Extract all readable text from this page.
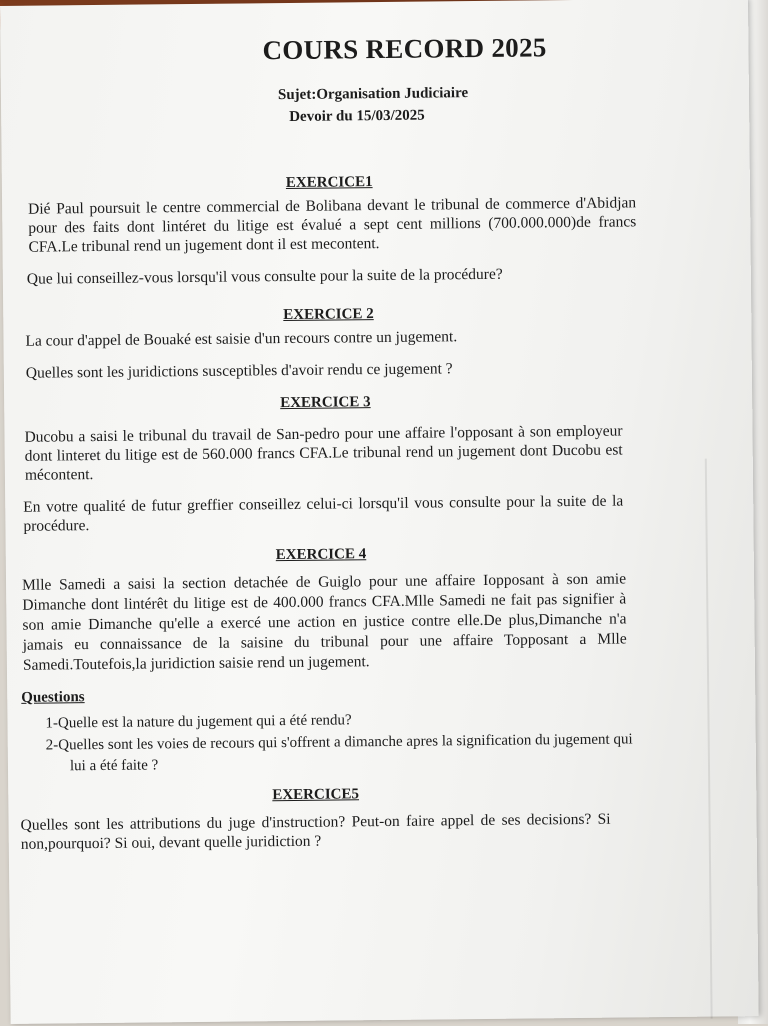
COURS RECORD 2025
Sujet:Organisation Judiciaire
Devoir du 15/03/2025
EXERCICE1

Dié Paul poursuit le centre commercial de Bolibana devant le tribunal de commerce d'Abidjan pour des faits dont lintéret du litige est évalué a sept cent millions (700.000.000)de francs CFA.Le tribunal rend un jugement dont il est mecontent.

Que lui conseillez-vous lorsqu'il vous consulte pour la suite de la procédure?

EXERCICE 2

La cour d'appel de Bouaké est saisie d'un recours contre un jugement.

Quelles sont les juridictions susceptibles d'avoir rendu ce jugement ?

EXERCICE 3

Ducobu a saisi le tribunal du travail de San-pedro pour une affaire l'opposant à son employeur dont linteret du litige est de 560.000 francs CFA.Le tribunal rend un jugement dont Ducobu est mécontent.

En votre qualité de futur greffier conseillez celui-ci lorsqu'il vous consulte pour la suite de la procédure.

EXERCICE 4

Mlle Samedi a saisi la section detachée de Guiglo pour une affaire Iopposant à son amie Dimanche dont lintérêt du litige est de 400.000 francs CFA.Mlle Samedi ne fait pas signifier à son amie Dimanche qu'elle a exercé une action en justice contre elle.De plus,Dimanche n'a jamais eu connaissance de la saisine du tribunal pour une affaire Topposant a Mlle Samedi.Toutefois,la juridiction saisie rend un jugement.

Questions

1-Quelle est la nature du jugement qui a été rendu?

2-Quelles sont les voies de recours qui s'offrent a dimanche apres la signification du jugement qui lui a été faite ?

EXERCICE5

Quelles sont les attributions du juge d'instruction? Peut-on faire appel de ses decisions? Si non,pourquoi? Si oui, devant quelle juridiction ?
